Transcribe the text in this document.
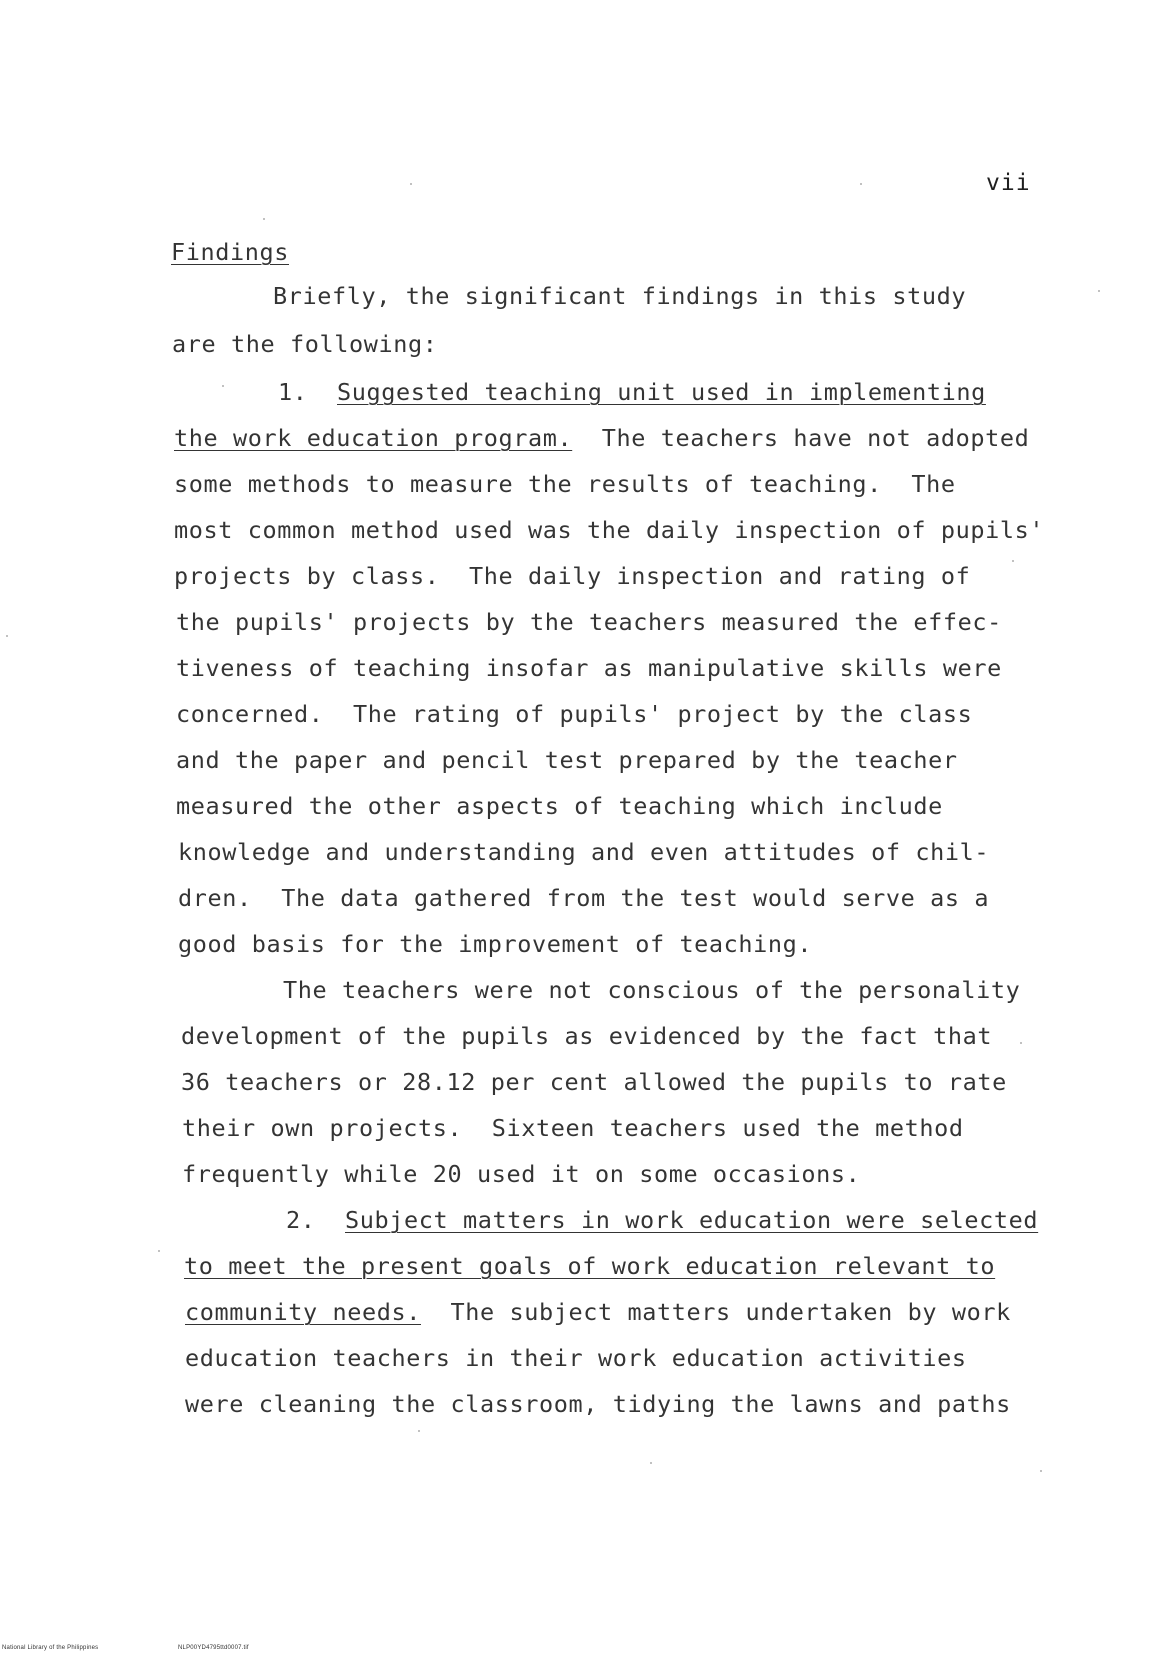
vii
Findings
Briefly, the significant findings in this study
are the following:
1. Suggested teaching unit used in implementing
the work education program. The teachers have not adopted
some methods to measure the results of teaching.  The
most common method used was the daily inspection of pupils'
projects by class.  The daily inspection and rating of
the pupils' projects by the teachers measured the effec-
tiveness of teaching insofar as manipulative skills were
concerned.  The rating of pupils' project by the class
and the paper and pencil test prepared by the teacher
measured the other aspects of teaching which include
knowledge and understanding and even attitudes of chil-
dren.  The data gathered from the test would serve as a
good basis for the improvement of teaching.
The teachers were not conscious of the personality
development of the pupils as evidenced by the fact that
36 teachers or 28.12 per cent allowed the pupils to rate
their own projects.  Sixteen teachers used the method
frequently while 20 used it on some occasions.
2. Subject matters in work education were selected
to meet the present goals of work education relevant to
community needs. The subject matters undertaken by work
education teachers in their work education activities
were cleaning the classroom, tidying the lawns and paths
National Library of the Philippines	NLP00YD4795ttd0007.tif
